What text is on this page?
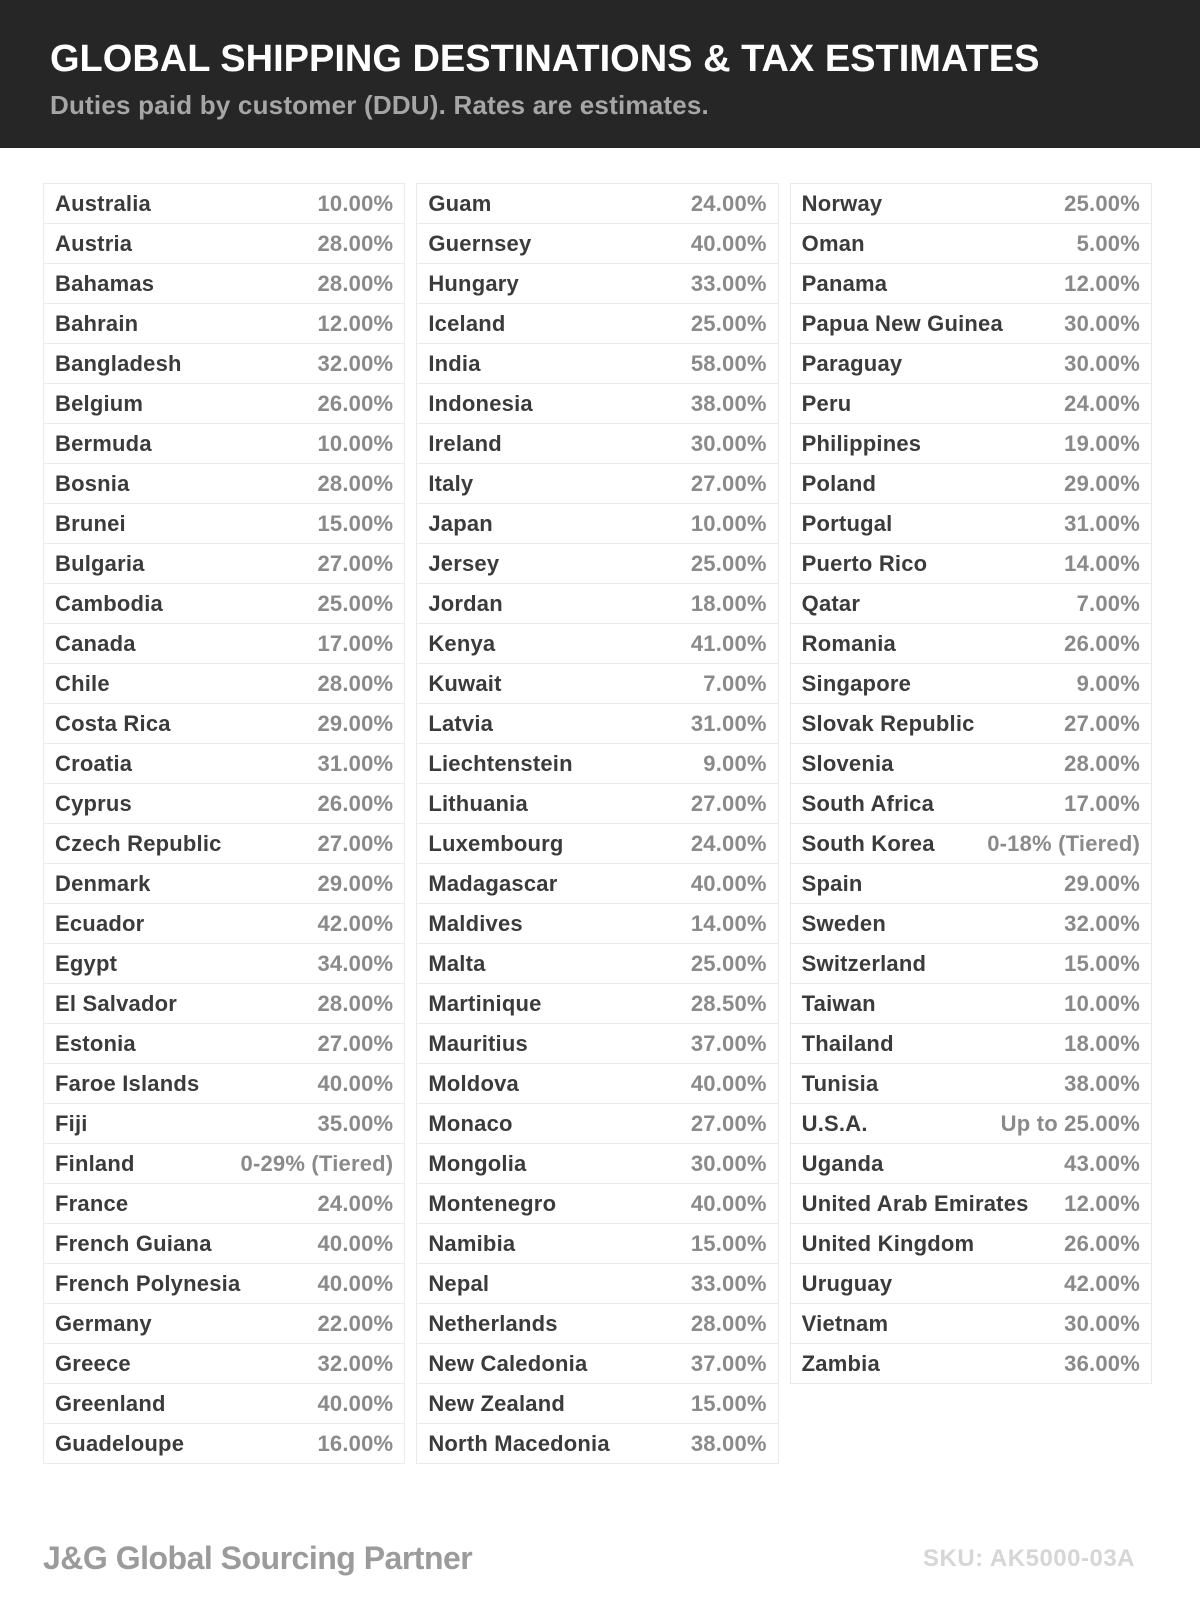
GLOBAL SHIPPING DESTINATIONS & TAX ESTIMATES
Duties paid by customer (DDU). Rates are estimates.
Australia	10.00%
Austria	28.00%
Bahamas	28.00%
Bahrain	12.00%
Bangladesh	32.00%
Belgium	26.00%
Bermuda	10.00%
Bosnia	28.00%
Brunei	15.00%
Bulgaria	27.00%
Cambodia	25.00%
Canada	17.00%
Chile	28.00%
Costa Rica	29.00%
Croatia	31.00%
Cyprus	26.00%
Czech Republic	27.00%
Denmark	29.00%
Ecuador	42.00%
Egypt	34.00%
El Salvador	28.00%
Estonia	27.00%
Faroe Islands	40.00%
Fiji	35.00%
Finland	0-29% (Tiered)
France	24.00%
French Guiana	40.00%
French Polynesia	40.00%
Germany	22.00%
Greece	32.00%
Greenland	40.00%
Guadeloupe	16.00%
Guam	24.00%
Guernsey	40.00%
Hungary	33.00%
Iceland	25.00%
India	58.00%
Indonesia	38.00%
Ireland	30.00%
Italy	27.00%
Japan	10.00%
Jersey	25.00%
Jordan	18.00%
Kenya	41.00%
Kuwait	7.00%
Latvia	31.00%
Liechtenstein	9.00%
Lithuania	27.00%
Luxembourg	24.00%
Madagascar	40.00%
Maldives	14.00%
Malta	25.00%
Martinique	28.50%
Mauritius	37.00%
Moldova	40.00%
Monaco	27.00%
Mongolia	30.00%
Montenegro	40.00%
Namibia	15.00%
Nepal	33.00%
Netherlands	28.00%
New Caledonia	37.00%
New Zealand	15.00%
North Macedonia	38.00%
Norway	25.00%
Oman	5.00%
Panama	12.00%
Papua New Guinea	30.00%
Paraguay	30.00%
Peru	24.00%
Philippines	19.00%
Poland	29.00%
Portugal	31.00%
Puerto Rico	14.00%
Qatar	7.00%
Romania	26.00%
Singapore	9.00%
Slovak Republic	27.00%
Slovenia	28.00%
South Africa	17.00%
South Korea 0-18% (Tiered)
Spain	29.00%
Sweden	32.00%
Switzerland	15.00%
Taiwan	10.00%
Thailand	18.00%
Tunisia	38.00%
U.S.A.	Up to 25.00%
Uganda	43.00%
United Arab Emirates 12.00%
United Kingdom	26.00%
Uruguay	42.00%
Vietnam	30.00%
Zambia	36.00%
J&G Global Sourcing Partner	SKU: AK5000-03A
